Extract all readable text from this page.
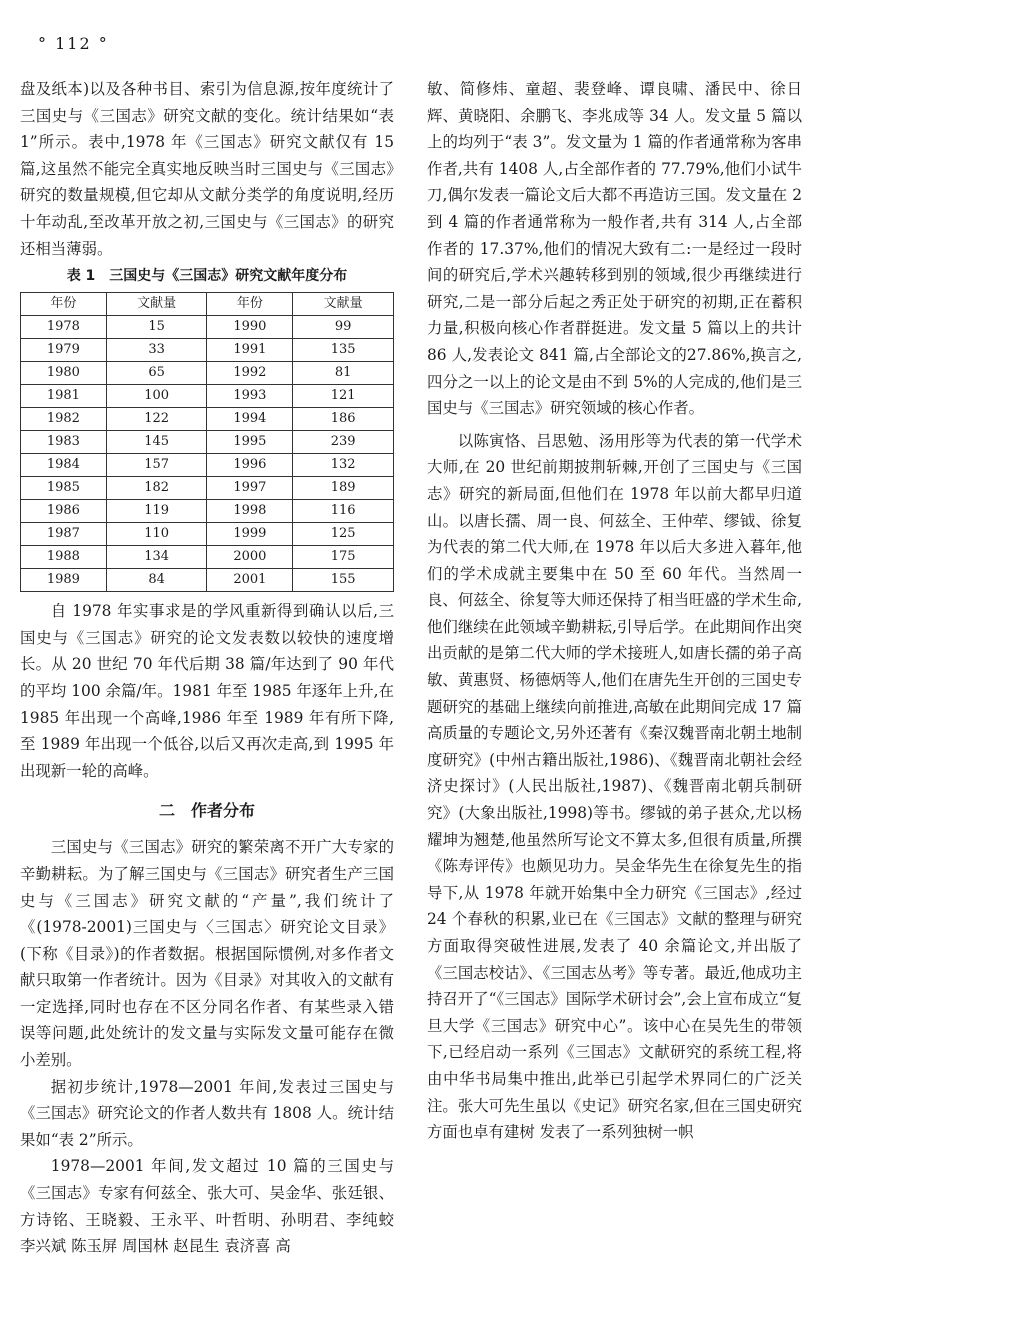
° 112 °

盘及纸本)以及各种书目、索引为信息源,按年度统计了三国史与《三国志》研究文献的变化。统计结果如“表 1”所示。表中,1978 年《三国志》研究文献仅有 15 篇,这虽然不能完全真实地反映当时三国史与《三国志》研究的数量规模,但它却从文献分类学的角度说明,经历十年动乱,至改革开放之初,三国史与《三国志》的研究还相当薄弱。

表 1　三国史与《三国志》研究文献年度分布
年份	文献量	年份	文献量
1978	15	1990	99
1979	33	1991	135
1980	65	1992	81
1981	100	1993	121
1982	122	1994	186
1983	145	1995	239
1984	157	1996	132
1985	182	1997	189
1986	119	1998	116
1987	110	1999	125
1988	134	2000	175
1989	84	2001	155

自 1978 年实事求是的学风重新得到确认以后,三国史与《三国志》研究的论文发表数以较快的速度增长。从 20 世纪 70 年代后期 38 篇/年达到了 90 年代的平均 100 余篇/年。1981 年至 1985 年逐年上升,在 1985 年出现一个高峰,1986 年至 1989 年有所下降,至 1989 年出现一个低谷,以后又再次走高,到 1995 年出现新一轮的高峰。

二　作者分布

三国史与《三国志》研究的繁荣离不开广大专家的辛勤耕耘。为了解三国史与《三国志》研究者生产三国史与《三国志》研究文献的“产量”,我们统计了《(1978-2001)三国史与〈三国志〉研究论文目录》(下称《目录》)的作者数据。根据国际惯例,对多作者文献只取第一作者统计。因为《目录》对其收入的文献有一定选择,同时也存在不区分同名作者、有某些录入错误等问题,此处统计的发文量与实际发文量可能存在微小差别。

据初步统计,1978—2001 年间,发表过三国史与《三国志》研究论文的作者人数共有 1808 人。统计结果如“表 2”所示。

1978—2001 年间,发文超过 10 篇的三国史与《三国志》专家有何兹全、张大可、吴金华、张廷银、方诗铭、王晓毅、王永平、叶哲明、孙明君、李纯蛟 李兴斌 陈玉屏 周国林 赵昆生 袁济喜 高

敏、简修炜、童超、裴登峰、谭良啸、潘民中、徐日辉、黄晓阳、余鹏飞、李兆成等 34 人。发文量 5 篇以上的均列于“表 3”。发文量为 1 篇的作者通常称为客串作者,共有 1408 人,占全部作者的 77.79%,他们小试牛刀,偶尔发表一篇论文后大都不再造访三国。发文量在 2 到 4 篇的作者通常称为一般作者,共有 314 人,占全部作者的 17.37%,他们的情况大致有二:一是经过一段时间的研究后,学术兴趣转移到别的领域,很少再继续进行研究,二是一部分后起之秀正处于研究的初期,正在蓄积力量,积极向核心作者群挺进。发文量 5 篇以上的共计 86 人,发表论文 841 篇,占全部论文的27.86%,换言之,四分之一以上的论文是由不到 5%的人完成的,他们是三国史与《三国志》研究领域的核心作者。

以陈寅恪、吕思勉、汤用彤等为代表的第一代学术大师,在 20 世纪前期披荆斩棘,开创了三国史与《三国志》研究的新局面,但他们在 1978 年以前大都早归道山。以唐长孺、周一良、何兹全、王仲荦、缪钺、徐复为代表的第二代大师,在 1978 年以后大多进入暮年,他们的学术成就主要集中在 50 至 60 年代。当然周一良、何兹全、徐复等大师还保持了相当旺盛的学术生命,他们继续在此领域辛勤耕耘,引导后学。在此期间作出突出贡献的是第二代大师的学术接班人,如唐长孺的弟子高敏、黄惠贤、杨德炳等人,他们在唐先生开创的三国史专题研究的基础上继续向前推进,高敏在此期间完成 17 篇高质量的专题论文,另外还著有《秦汉魏晋南北朝土地制度研究》(中州古籍出版社,1986)、《魏晋南北朝社会经济史探讨》(人民出版社,1987)、《魏晋南北朝兵制研究》(大象出版社,1998)等书。缪钺的弟子甚众,尤以杨耀坤为翘楚,他虽然所写论文不算太多,但很有质量,所撰《陈寿评传》也颇见功力。吴金华先生在徐复先生的指导下,从 1978 年就开始集中全力研究《三国志》,经过 24 个春秋的积累,业已在《三国志》文献的整理与研究方面取得突破性进展,发表了 40 余篇论文,并出版了《三国志校诂》、《三国志丛考》等专著。最近,他成功主持召开了“《三国志》国际学术研讨会”,会上宣布成立“复旦大学《三国志》研究中心”。该中心在吴先生的带领下,已经启动一系列《三国志》文献研究的系统工程,将由中华书局集中推出,此举已引起学术界同仁的广泛关注。张大可先生虽以《史记》研究名家,但在三国史研究方面也卓有建树 发表了一系列独树一帜
